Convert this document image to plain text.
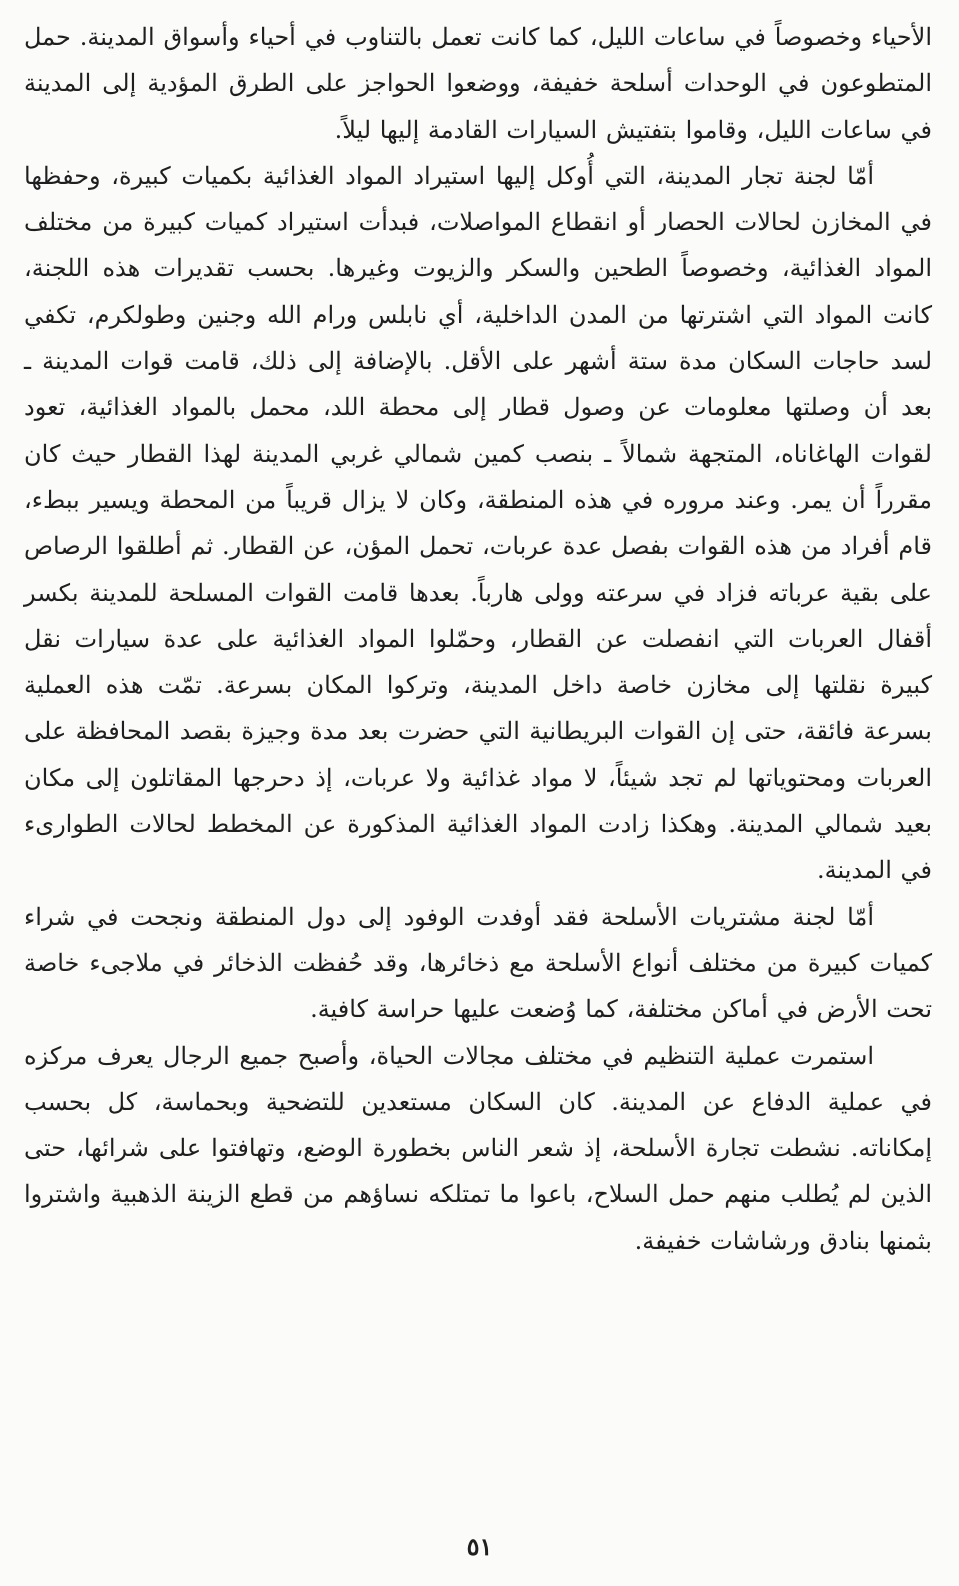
الأحياء وخصوصاً في ساعات الليل، كما كانت تعمل بالتناوب في أحياء وأسواق المدينة. حمل المتطوعون في الوحدات أسلحة خفيفة، ووضعوا الحواجز على الطرق المؤدية إلى المدينة في ساعات الليل، وقاموا بتفتيش السيارات القادمة إليها ليلاً.

أمّا لجنة تجار المدينة، التي أُوكل إليها استيراد المواد الغذائية بكميات كبيرة، وحفظها في المخازن لحالات الحصار أو انقطاع المواصلات، فبدأت استيراد كميات كبيرة من مختلف المواد الغذائية، وخصوصاً الطحين والسكر والزيوت وغيرها. بحسب تقديرات هذه اللجنة، كانت المواد التي اشترتها من المدن الداخلية، أي نابلس ورام الله وجنين وطولكرم، تكفي لسد حاجات السكان مدة ستة أشهر على الأقل. بالإضافة إلى ذلك، قامت قوات المدينة ـ بعد أن وصلتها معلومات عن وصول قطار إلى محطة اللد، محمل بالمواد الغذائية، تعود لقوات الهاغاناه، المتجهة شمالاً ـ بنصب كمين شمالي غربي المدينة لهذا القطار حيث كان مقرراً أن يمر. وعند مروره في هذه المنطقة، وكان لا يزال قريباً من المحطة ويسير ببطء، قام أفراد من هذه القوات بفصل عدة عربات، تحمل المؤن، عن القطار. ثم أطلقوا الرصاص على بقية عرباته فزاد في سرعته وولى هارباً. بعدها قامت القوات المسلحة للمدينة بكسر أقفال العربات التي انفصلت عن القطار، وحمّلوا المواد الغذائية على عدة سيارات نقل كبيرة نقلتها إلى مخازن خاصة داخل المدينة، وتركوا المكان بسرعة. تمّت هذه العملية بسرعة فائقة، حتى إن القوات البريطانية التي حضرت بعد مدة وجيزة بقصد المحافظة على العربات ومحتوياتها لم تجد شيئاً، لا مواد غذائية ولا عربات، إذ دحرجها المقاتلون إلى مكان بعيد شمالي المدينة. وهكذا زادت المواد الغذائية المذكورة عن المخطط لحالات الطوارىء في المدينة.

أمّا لجنة مشتريات الأسلحة فقد أوفدت الوفود إلى دول المنطقة ونجحت في شراء كميات كبيرة من مختلف أنواع الأسلحة مع ذخائرها، وقد حُفظت الذخائر في ملاجىء خاصة تحت الأرض في أماكن مختلفة، كما وُضعت عليها حراسة كافية.

استمرت عملية التنظيم في مختلف مجالات الحياة، وأصبح جميع الرجال يعرف مركزه في عملية الدفاع عن المدينة. كان السكان مستعدين للتضحية وبحماسة، كل بحسب إمكاناته. نشطت تجارة الأسلحة، إذ شعر الناس بخطورة الوضع، وتهافتوا على شرائها، حتى الذين لم يُطلب منهم حمل السلاح، باعوا ما تمتلكه نساؤهم من قطع الزينة الذهبية واشتروا بثمنها بنادق ورشاشات خفيفة.

٥١
